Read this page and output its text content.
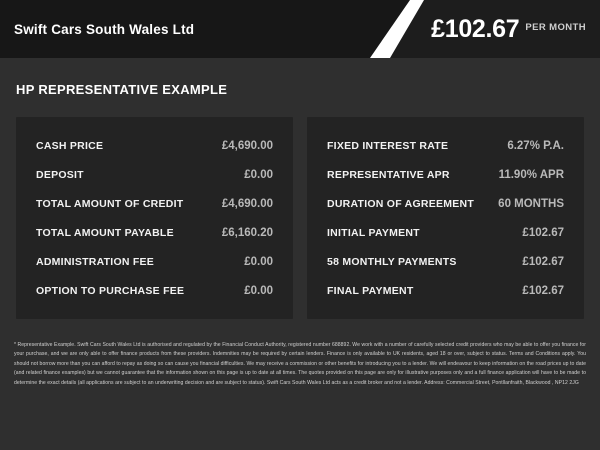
Swift Cars South Wales Ltd	£102.67 PER MONTH
HP REPRESENTATIVE EXAMPLE
CASH PRICE	£4,690.00
DEPOSIT	£0.00
TOTAL AMOUNT OF CREDIT	£4,690.00
TOTAL AMOUNT PAYABLE	£6,160.20
ADMINISTRATION FEE	£0.00
OPTION TO PURCHASE FEE	£0.00
FIXED INTEREST RATE	6.27% P.A.
REPRESENTATIVE APR	11.90% APR
DURATION OF AGREEMENT 60 MONTHS
INITIAL PAYMENT	£102.67
58 MONTHLY PAYMENTS	£102.67
FINAL PAYMENT	£102.67
* Representative Example. Swift Cars South Wales Ltd is authorised and regulated by the Financial Conduct Authority, registered number 688892. We work with a number of carefully selected credit providers who may be able to offer you finance for your purchase, and we are only able to offer finance products from these providers. Indemnities may be required by certain lenders. Finance is only available to UK residents, aged 18 or over, subject to status. Terms and Conditions apply. You should not borrow more than you can afford to repay as doing so can cause you financial difficulties. We may receive a commission or other benefits for introducing you to a lender. We will endeavour to keep information on the road prices up to date (and related finance examples) but we cannot guarantee that the information shown on this page is up to date at all times. The quotes provided on this page are only for illustrative purposes only and a full finance application will have to be made to determine the exact details (all applications are subject to an underwriting decision and are subject to status). Swift Cars South Wales Ltd acts as a credit broker and not a lender. Address: Commercial Street, Pontllanfraith, Blackwood , NP12 2JG
